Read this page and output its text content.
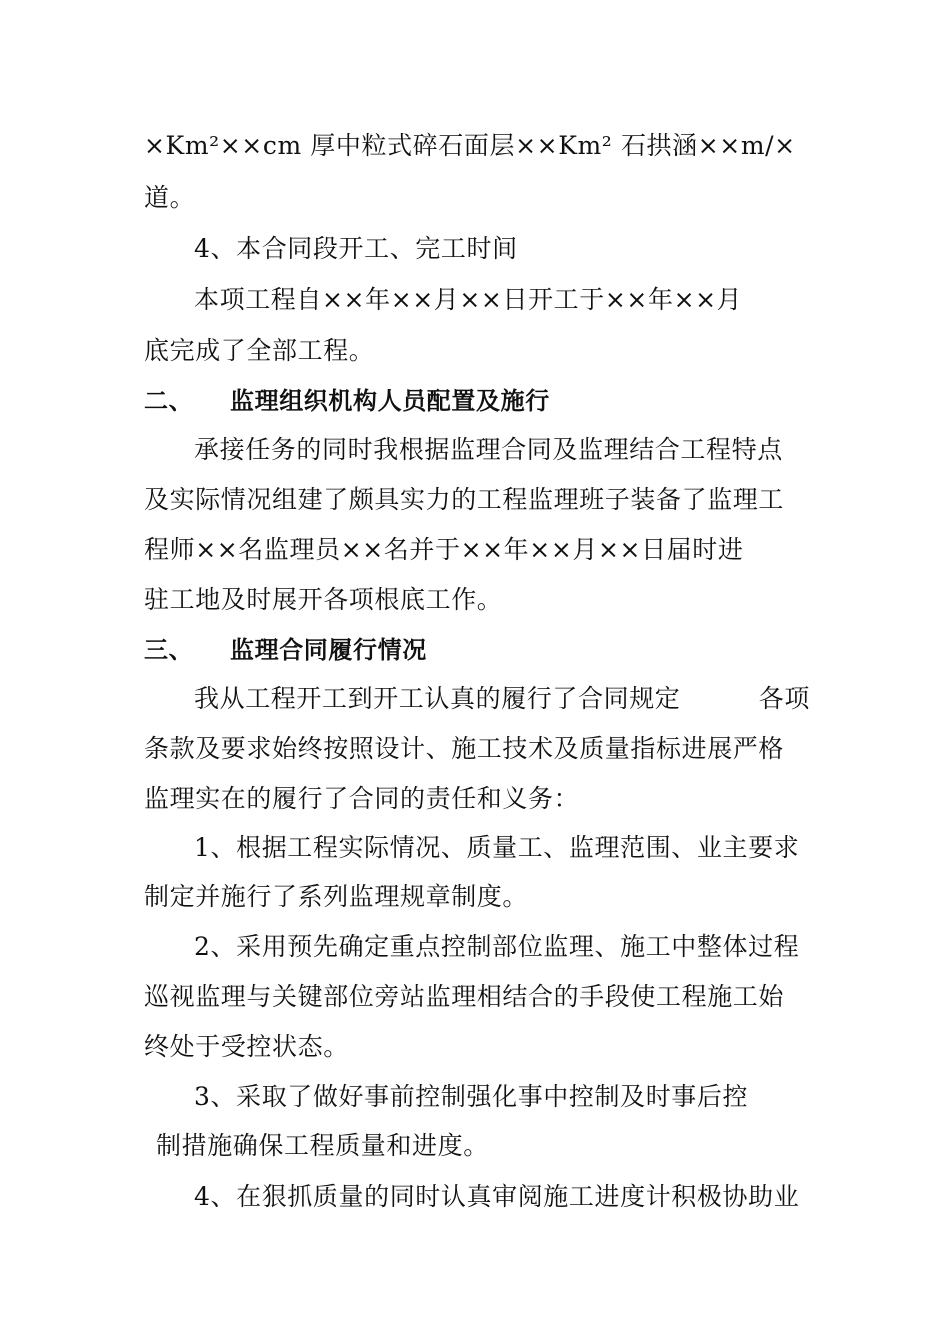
×Km²××cm 厚中粒式碎石面层××Km² 石拱涵××m/×
道。
4、本合同段开工、完工时间
本项工程自××年××月××日开工于××年××月
底完成了全部工程。
二、 监理组织机构人员配置及施行
承接任务的同时我根据监理合同及监理结合工程特点
及实际情况组建了颇具实力的工程监理班子装备了监理工
程师××名监理员××名并于××年××月××日届时进
驻工地及时展开各项根底工作。
三、 监理合同履行情况
我从工程开工到开工认真的履行了合同规定	各项
条款及要求始终按照设计、施工技术及质量指标进展严格
监理实在的履行了合同的责任和义务：
1、根据工程实际情况、质量工、监理范围、业主要求
制定并施行了系列监理规章制度。
2、采用预先确定重点控制部位监理、施工中整体过程
巡视监理与关键部位旁站监理相结合的手段使工程施工始
终处于受控状态。
3、采取了做好事前控制强化事中控制及时事后控
制措施确保工程质量和进度。
4、在狠抓质量的同时认真审阅施工进度计积极协助业
